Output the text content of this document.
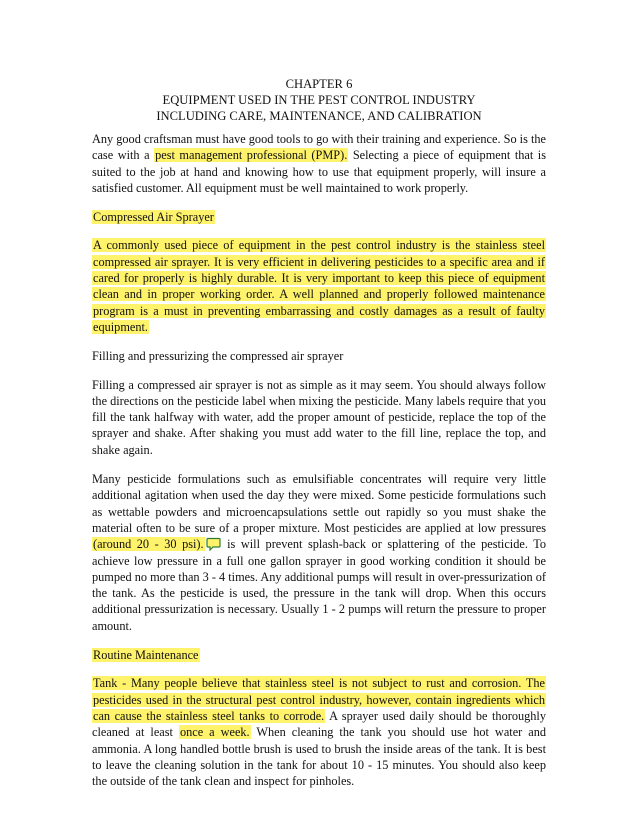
CHAPTER 6
EQUIPMENT USED IN THE PEST CONTROL INDUSTRY
INCLUDING CARE, MAINTENANCE, AND CALIBRATION

Any good craftsman must have good tools to go with their training and experience. So is the case with a pest management professional (PMP). Selecting a piece of equipment that is suited to the job at hand and knowing how to use that equipment properly, will insure a satisfied customer. All equipment must be well maintained to work properly.

Compressed Air Sprayer

A commonly used piece of equipment in the pest control industry is the stainless steel compressed air sprayer. It is very efficient in delivering pesticides to a specific area and if cared for properly is highly durable. It is very important to keep this piece of equipment clean and in proper working order. A well planned and properly followed maintenance program is a must in preventing embarrassing and costly damages as a result of faulty equipment.

Filling and pressurizing the compressed air sprayer

Filling a compressed air sprayer is not as simple as it may seem. You should always follow the directions on the pesticide label when mixing the pesticide. Many labels require that you fill the tank halfway with water, add the proper amount of pesticide, replace the top of the sprayer and shake. After shaking you must add water to the fill line, replace the top, and shake again.

Many pesticide formulations such as emulsifiable concentrates will require very little additional agitation when used the day they were mixed. Some pesticide formulations such as wettable powders and microencapsulations settle out rapidly so you must shake the material often to be sure of a proper mixture. Most pesticides are applied at low pressures (around 20 - 30 psi).
is will prevent splash-back or splattering of the pesticide. To achieve low pressure in a full one gallon sprayer in good working condition it should be pumped no more than 3 - 4 times. Any additional pumps will result in over-pressurization of the tank. As the pesticide is used, the pressure in the tank will drop. When this occurs additional pressurization is necessary. Usually 1 - 2 pumps will return the pressure to proper amount.

Routine Maintenance

Tank - Many people believe that stainless steel is not subject to rust and corrosion. The pesticides used in the structural pest control industry, however, contain ingredients which can cause the stainless steel tanks to corrode. A sprayer used daily should be thoroughly cleaned at least once a week. When cleaning the tank you should use hot water and ammonia. A long handled bottle brush is used to brush the inside areas of the tank. It is best to leave the cleaning solution in the tank for about 10 - 15 minutes. You should also keep the outside of the tank clean and inspect for pinholes.
